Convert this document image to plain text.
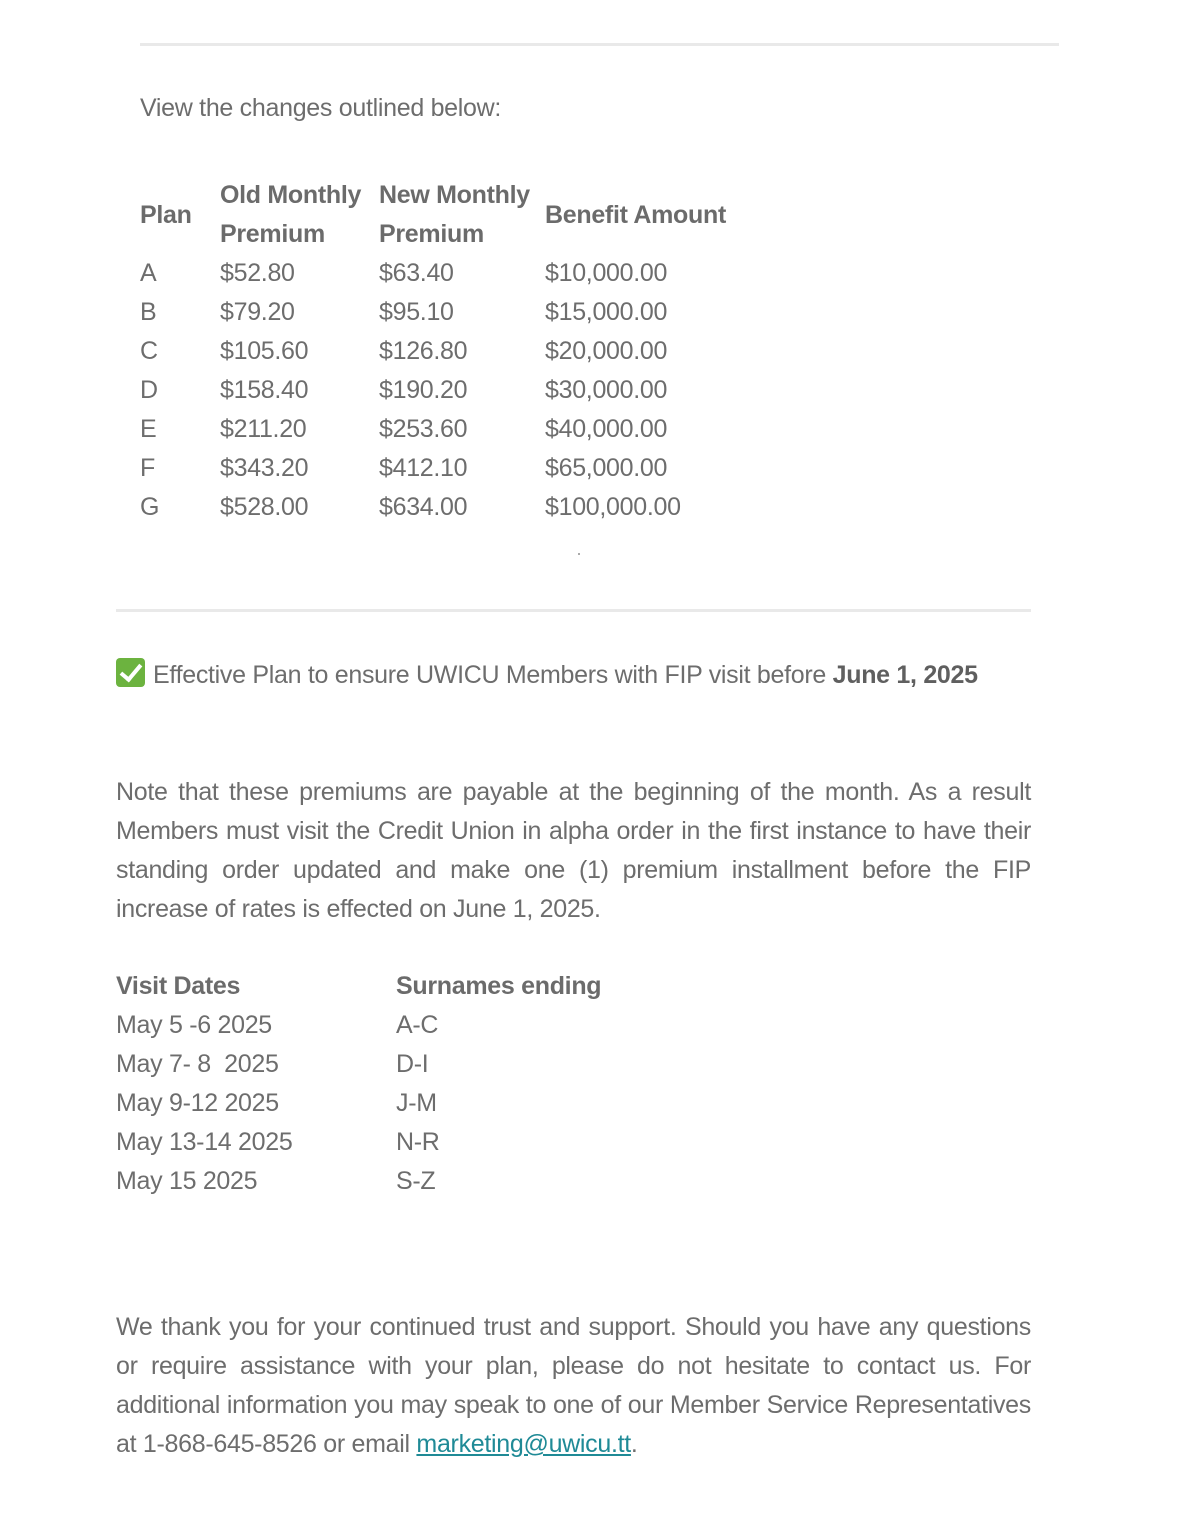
View the changes outlined below:
Plan	Old Monthly Premium	New Monthly Premium	Benefit Amount
A	$52.80	$63.40	$10,000.00
B	$79.20	$95.10	$15,000.00
C	$105.60	$126.80	$20,000.00
D	$158.40	$190.20	$30,000.00
E	$211.20	$253.60	$40,000.00
F	$343.20	$412.10	$65,000.00
G	$528.00	$634.00	$100,000.00
Effective Plan to ensure UWICU Members with FIP visit before June 1, 2025

Note that these premiums are payable at the beginning of the month. As a result Members must visit the Credit Union in alpha order in the first instance to have their standing order updated and make one (1) premium installment before the FIP increase of rates is effected on June 1, 2025.

Visit Dates	Surnames ending
May 5 -6 2025	A-C
May 7- 8  2025	D-I
May 9-12 2025	J-M
May 13-14 2025	N-R
May 15 2025	S-Z

We thank you for your continued trust and support. Should you have any questions or require assistance with your plan, please do not hesitate to contact us. For additional information you may speak to one of our Member Service Representatives at 1-868-645-8526 or email marketing@uwicu.tt.
